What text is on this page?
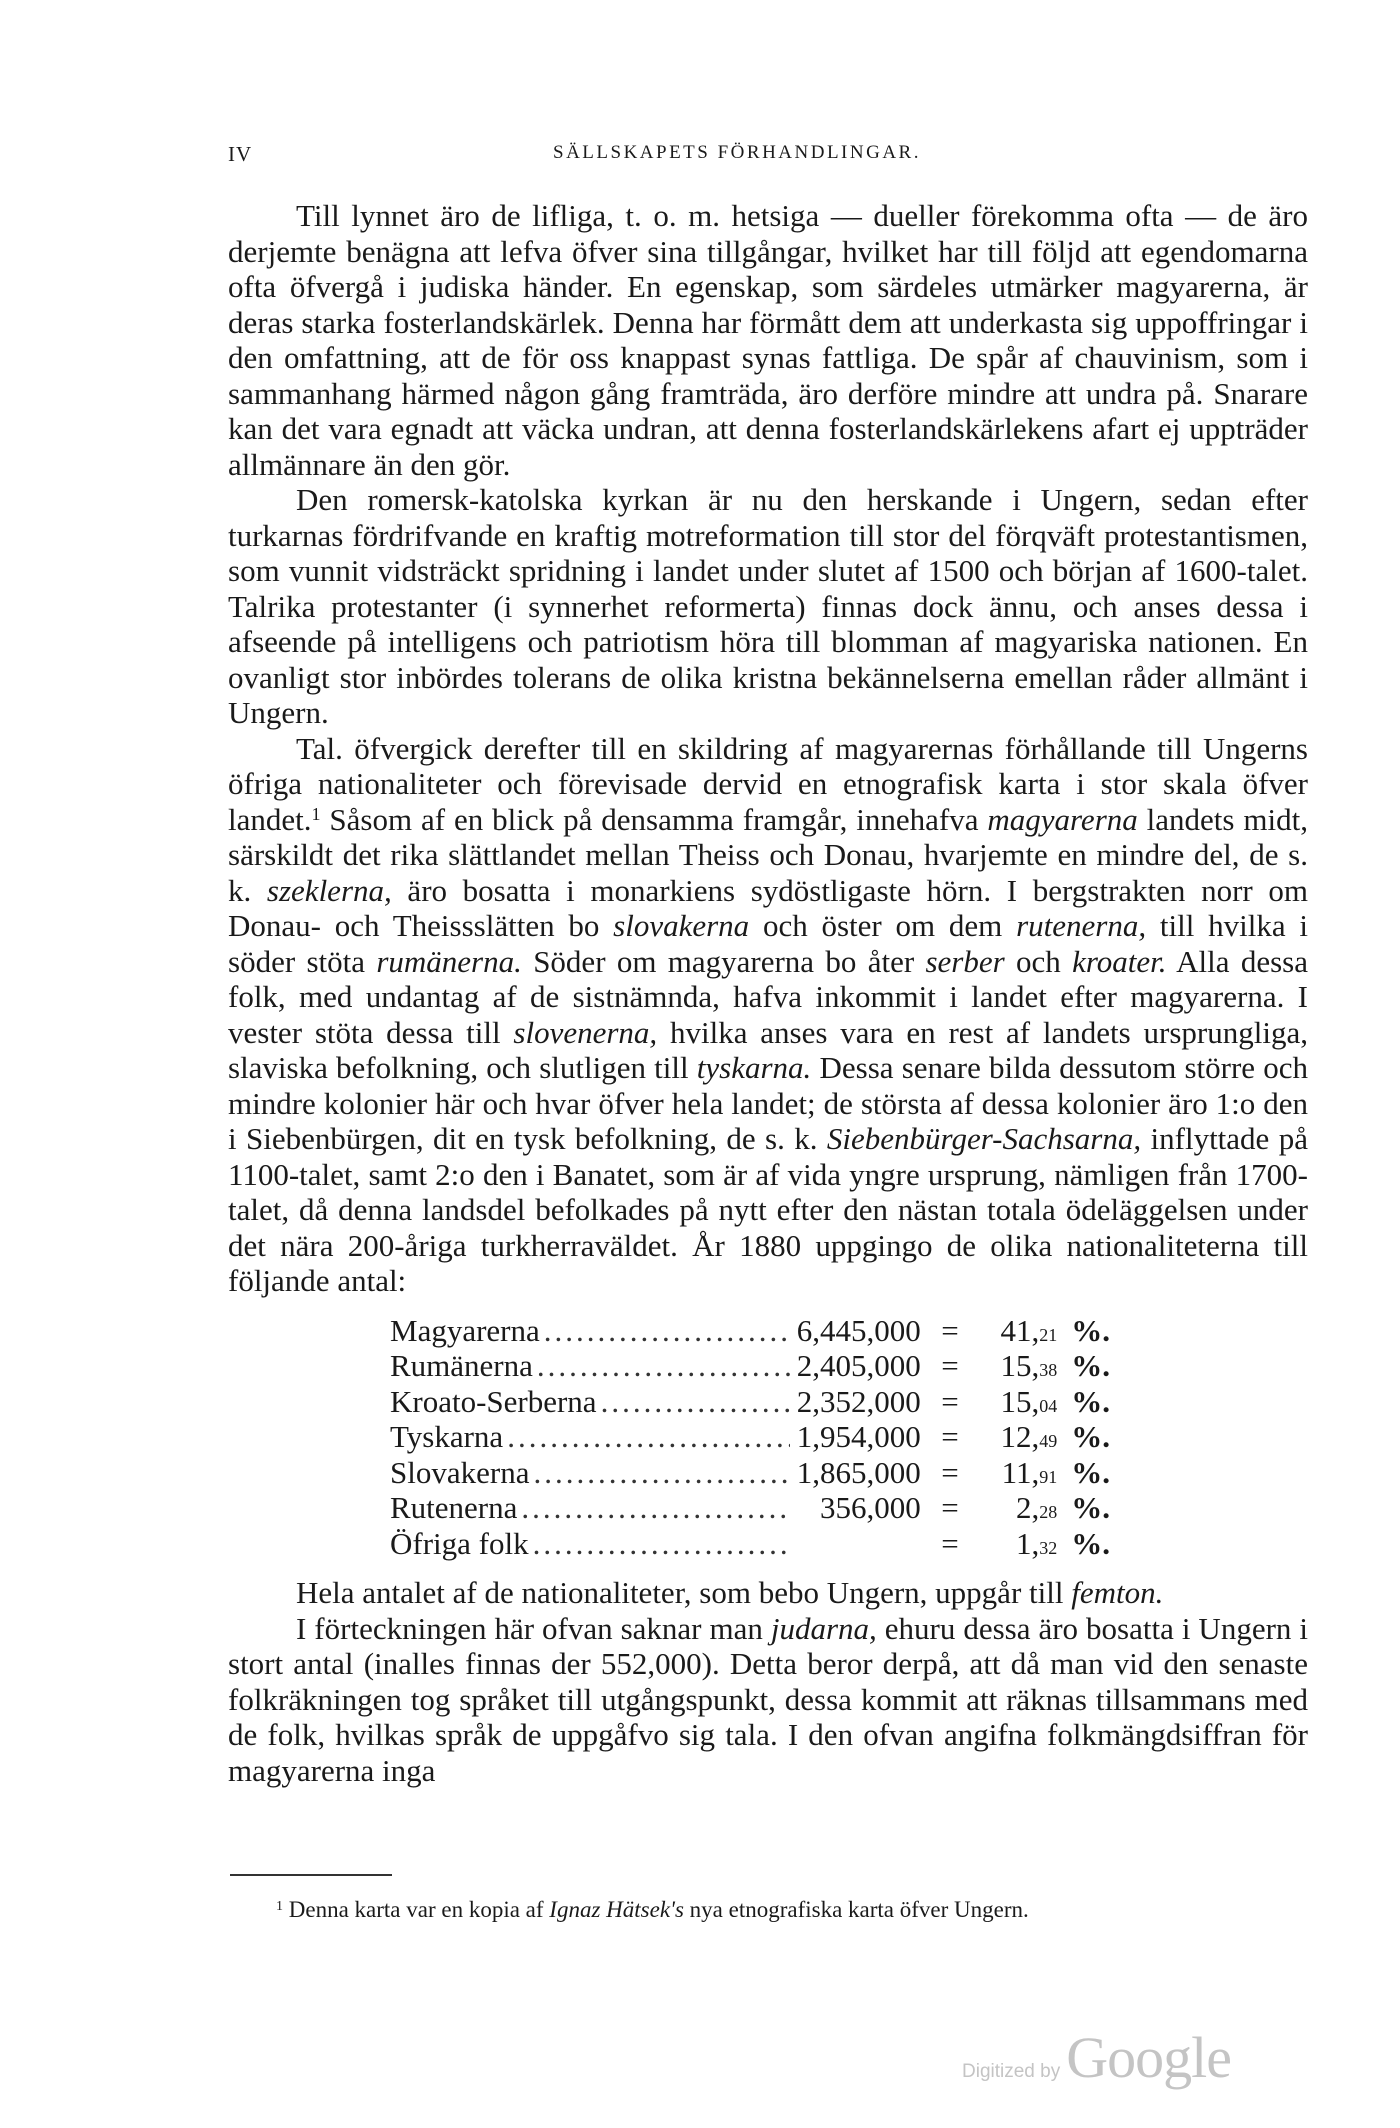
IV	SÄLLSKAPETS FÖRHANDLINGAR.

Till lynnet äro de lifliga, t. o. m. hetsiga — dueller förekomma ofta — de äro derjemte benägna att lefva öfver sina tillgångar, hvilket har till följd att egendomarna ofta öfvergå i judiska händer. En egenskap, som särdeles utmärker magyarerna, är deras starka fosterlandskärlek. Denna har förmått dem att underkasta sig uppoffringar i den omfattning, att de för oss knappast synas fattliga. De spår af chauvinism, som i sammanhang härmed någon gång framträda, äro derföre mindre att undra på. Snarare kan det vara egnadt att väcka undran, att denna fosterlandskärlekens afart ej uppträder allmännare än den gör.

Den romersk-katolska kyrkan är nu den herskande i Ungern, sedan efter turkarnas fördrifvande en kraftig motreformation till stor del förqväft protestantismen, som vunnit vidsträckt spridning i landet under slutet af 1500 och början af 1600-talet. Talrika protestanter (i synnerhet reformerta) finnas dock ännu, och anses dessa i afseende på intelligens och patriotism höra till blomman af magyariska nationen. En ovanligt stor inbördes tolerans de olika kristna bekännelserna emellan råder allmänt i Ungern.

Tal. öfvergick derefter till en skildring af magyarernas förhållande till Ungerns öfriga nationaliteter och förevisade dervid en etnografisk karta i stor skala öfver landet.$^1$ Såsom af en blick på densamma framgår, innehafva magyarerna landets midt, särskildt det rika slättlandet mellan Theiss och Donau, hvarjemte en mindre del, de s. k. szeklerna, äro bosatta i monarkiens sydöstligaste hörn. I bergstrakten norr om Donau- och Theissslätten bo slovakerna och öster om dem rutenerna, till hvilka i söder stöta rumänerna. Söder om magyarerna bo åter serber och kroater. Alla dessa folk, med undantag af de sistnämnda, hafva inkommit i landet efter magyarerna. I vester stöta dessa till slovenerna, hvilka anses vara en rest af landets ursprungliga, slaviska befolkning, och slutligen till tyskarna. Dessa senare bilda dessutom större och mindre kolonier här och hvar öfver hela landet; de största af dessa kolonier äro 1:o den i Siebenbürgen, dit en tysk befolkning, de s. k. Siebenbürger-Sachsarna, inflyttade på 1100-talet, samt 2:o den i Banatet, som är af vida yngre ursprung, nämligen från 1700-talet, då denna landsdel befolkades på nytt efter den nästan totala ödeläggelsen under det nära 200-åriga turkherraväldet. År 1880 uppgingo de olika nationaliteterna till följande antal:

Magyarerna .....	6,445,000 =	41,21 %.
Rumänerna .....	2,405,000 =	15,38 %.
Kroato-Serberna .....	2,352,000 =	15,04 %.
Tyskarna .....	1,954,000 =	12,49 %.
Slovakerna .....	1,865,000 =	11,91 %.
Rutenerna .....	356,000 =	2,28 %.
Öfriga folk .....	=	1,32 %.

Hela antalet af de nationaliteter, som bebo Ungern, uppgår till femton.

I förteckningen här ofvan saknar man judarna, ehuru dessa äro bosatta i Ungern i stort antal (inalles finnas der 552,000). Detta beror derpå, att då man vid den senaste folkräkningen tog språket till utgångspunkt, dessa kommit att räknas tillsammans med de folk, hvilkas språk de uppgåfvo sig tala. I den ofvan angifna folkmängdsiffran för magyarerna inga

$^1$ Denna karta var en kopia af Ignaz Hätsek's nya etnografiska karta öfver Ungern.
Digitized by Google
